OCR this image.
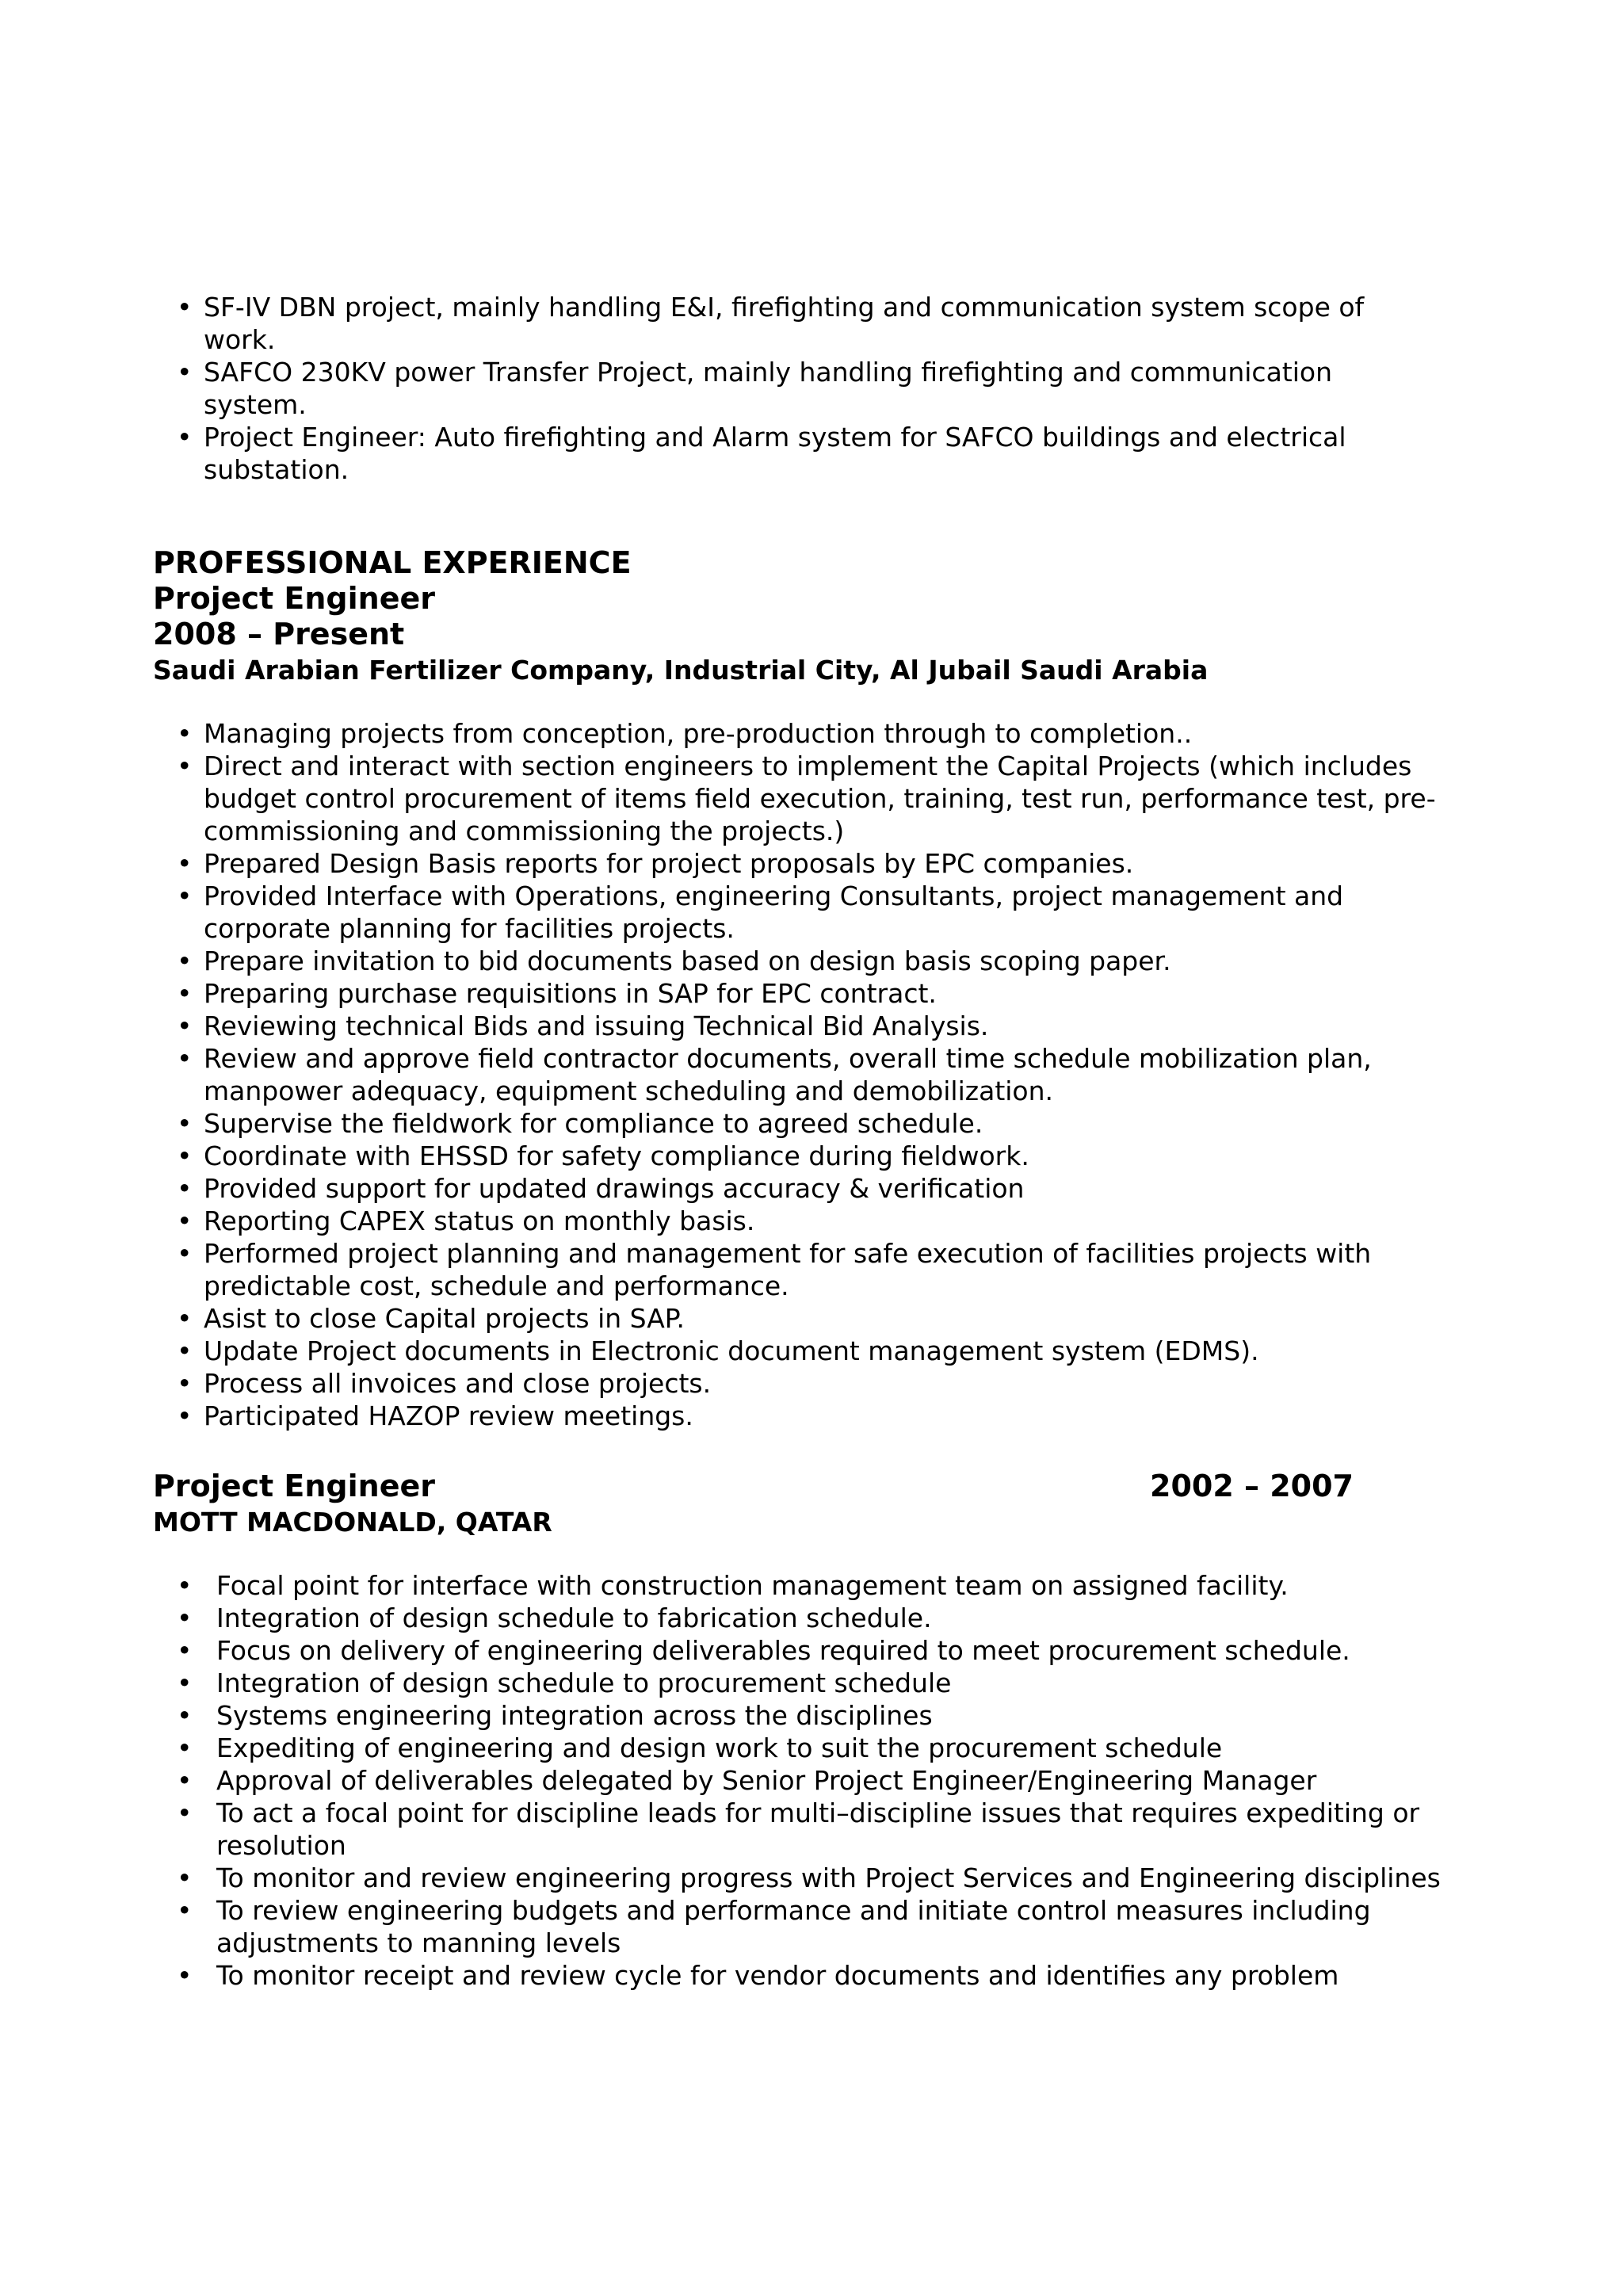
• SF-IV DBN project, mainly handling E&I, firefighting and communication system scope of work.
• SAFCO 230KV power Transfer Project, mainly handling firefighting and communication system.
• Project Engineer: Auto firefighting and Alarm system for SAFCO buildings and electrical substation.
PROFESSIONAL EXPERIENCE
Project Engineer
2008 – Present
Saudi Arabian Fertilizer Company, Industrial City, Al Jubail Saudi Arabia
• Managing projects from conception, pre-production through to completion..
• Direct and interact with section engineers to implement the Capital Projects (which includes budget control procurement of items field execution, training, test run, performance test, pre-commissioning and commissioning the projects.)
• Prepared Design Basis reports for project proposals by EPC companies.
• Provided Interface with Operations, engineering Consultants, project management and corporate planning for facilities projects.
• Prepare invitation to bid documents based on design basis scoping paper.
• Preparing purchase requisitions in SAP for EPC contract.
• Reviewing technical Bids and issuing Technical Bid Analysis.
• Review and approve field contractor documents, overall time schedule mobilization plan, manpower adequacy, equipment scheduling and demobilization.
• Supervise the fieldwork for compliance to agreed schedule.
• Coordinate with EHSSD for safety compliance during fieldwork.
• Provided support for updated drawings accuracy & verification
• Reporting CAPEX status on monthly basis.
• Performed project planning and management for safe execution of facilities projects with predictable cost, schedule and performance.
• Asist to close Capital projects in SAP.
• Update Project documents in Electronic document management system (EDMS).
• Process all invoices and close projects.
• Participated HAZOP review meetings.
Project Engineer	2002 – 2007
MOTT MACDONALD, QATAR
• Focal point for interface with construction management team on assigned facility.
• Integration of design schedule to fabrication schedule.
• Focus on delivery of engineering deliverables required to meet procurement schedule.
• Integration of design schedule to procurement schedule
• Systems engineering integration across the disciplines
• Expediting of engineering and design work to suit the procurement schedule
• Approval of deliverables delegated by Senior Project Engineer/Engineering Manager
• To act a focal point for discipline leads for multi–discipline issues that requires expediting or resolution
• To monitor and review engineering progress with Project Services and Engineering disciplines
• To review engineering budgets and performance and initiate control measures including adjustments to manning levels
• To monitor receipt and review cycle for vendor documents and identifies any problem
